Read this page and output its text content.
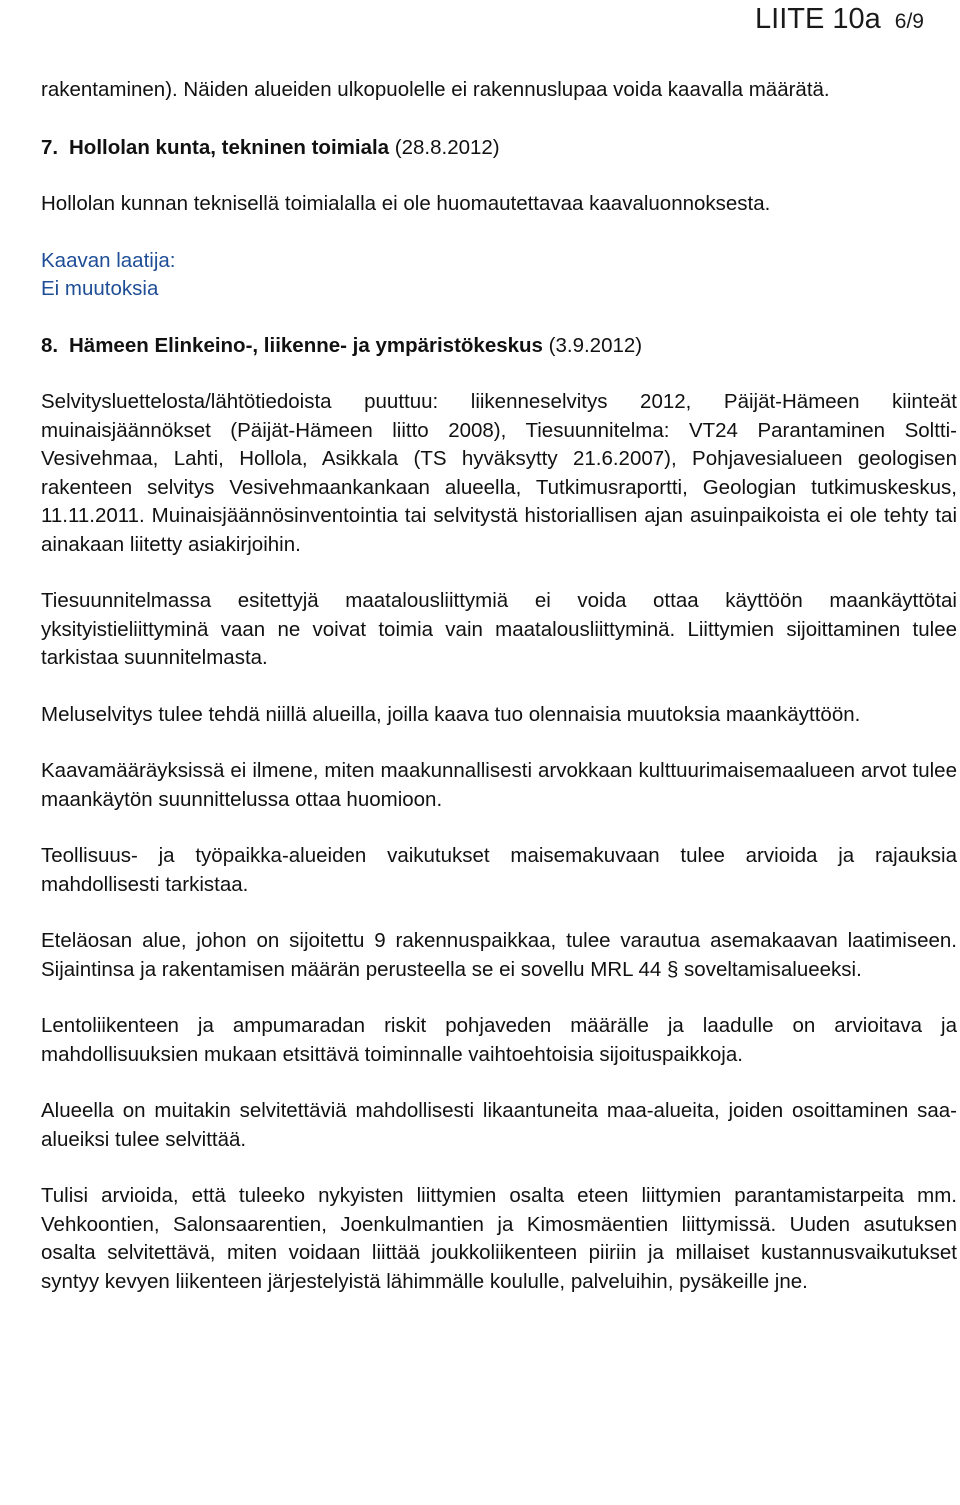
LIITE 10a 6/9

rakentaminen). Näiden alueiden ulkopuolelle ei rakennuslupaa voida kaavalla määrätä.

7. Hollolan kunta, tekninen toimiala (28.8.2012)

Hollolan kunnan teknisellä toimialalla ei ole huomautettavaa kaavaluonnoksesta.

Kaavan laatija:

Ei muutoksia

8. Hämeen Elinkeino-, liikenne- ja ympäristökeskus (3.9.2012)

Selvitysluettelosta/lähtötiedoista puuttuu: liikenneselvitys 2012, Päijät-Hämeen kiinteät muinaisjäännökset (Päijät-Hämeen liitto 2008), Tiesuunnitelma: VT24 Parantaminen Soltti-Vesivehmaa, Lahti, Hollola, Asikkala (TS hyväksytty 21.6.2007), Pohjavesialueen geologisen rakenteen selvitys Vesivehmaankankaan alueella, Tutkimusraportti, Geologian tutkimuskeskus, 11.11.2011. Muinaisjäännösinventointia tai selvitystä historiallisen ajan asuinpaikoista ei ole tehty tai ainakaan liitetty asiakirjoihin.

Tiesuunnitelmassa esitettyjä maatalousliittymiä ei voida ottaa käyttöön maankäyttötai yksityistieliittyminä vaan ne voivat toimia vain maatalousliittyminä. Liittymien sijoittaminen tulee tarkistaa suunnitelmasta.

Meluselvitys tulee tehdä niillä alueilla, joilla kaava tuo olennaisia muutoksia maankäyttöön.

Kaavamääräyksissä ei ilmene, miten maakunnallisesti arvokkaan kulttuurimaisemaalueen arvot tulee maankäytön suunnittelussa ottaa huomioon.

Teollisuus- ja työpaikka-alueiden vaikutukset maisemakuvaan tulee arvioida ja rajauksia mahdollisesti tarkistaa.

Eteläosan alue, johon on sijoitettu 9 rakennuspaikkaa, tulee varautua asemakaavan laatimiseen. Sijaintinsa ja rakentamisen määrän perusteella se ei sovellu MRL 44 § soveltamisalueeksi.

Lentoliikenteen ja ampumaradan riskit pohjaveden määrälle ja laadulle on arvioitava ja mahdollisuuksien mukaan etsittävä toiminnalle vaihtoehtoisia sijoituspaikkoja.

Alueella on muitakin selvitettäviä mahdollisesti likaantuneita maa-alueita, joiden osoittaminen saa-alueiksi tulee selvittää.

Tulisi arvioida, että tuleeko nykyisten liittymien osalta eteen liittymien parantamistarpeita mm. Vehkoontien, Salonsaarentien, Joenkulmantien ja Kimosmäentien liittymissä. Uuden asutuksen osalta selvitettävä, miten voidaan liittää joukkoliikenteen piiriin ja millaiset kustannusvaikutukset syntyy kevyen liikenteen järjestelyistä lähimmälle koululle, palveluihin, pysäkeille jne.
